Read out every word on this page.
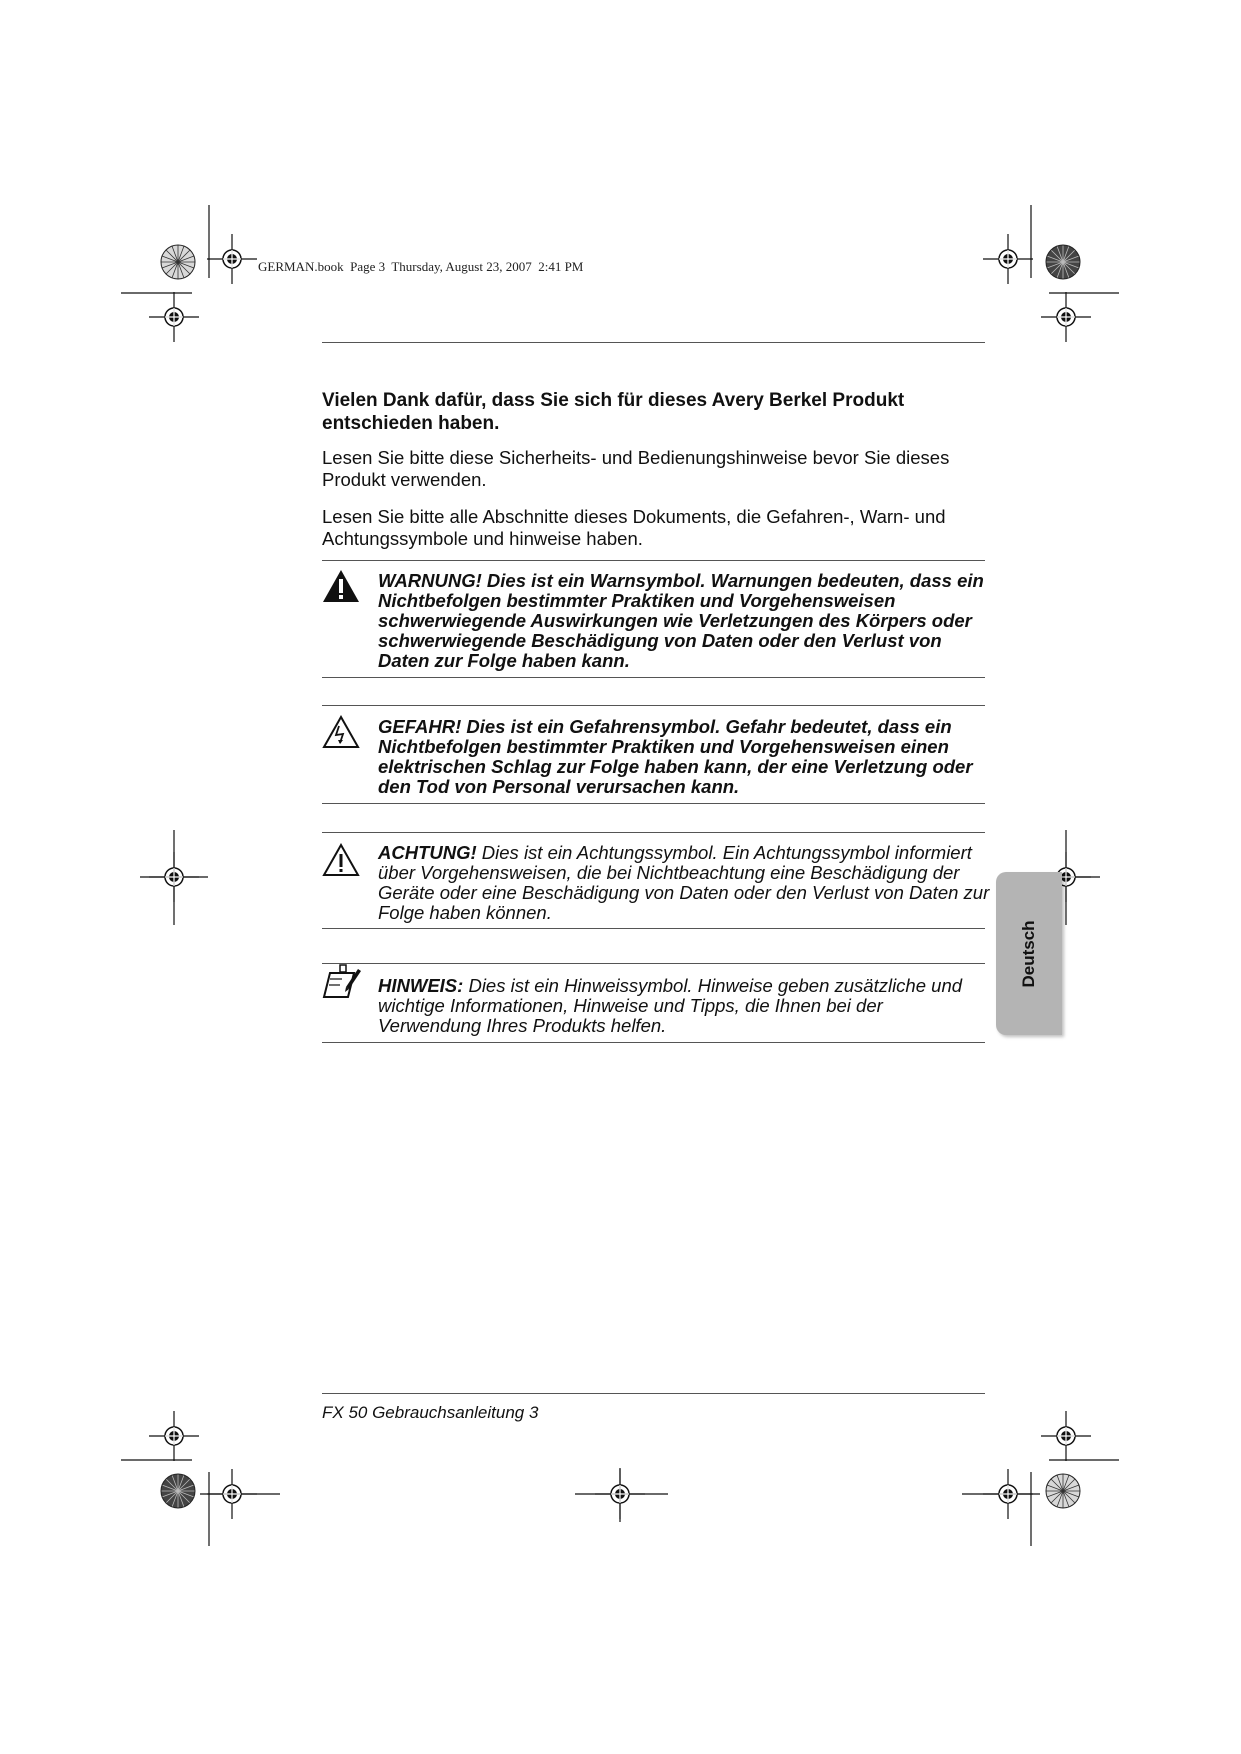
GERMAN.book  Page 3  Thursday, August 23, 2007  2:41 PM
Vielen Dank dafür, dass Sie sich für dieses Avery Berkel Produkt entschieden haben.
Lesen Sie bitte diese Sicherheits- und Bedienungshinweise bevor Sie dieses Produkt verwenden.
Lesen Sie bitte alle Abschnitte dieses Dokuments, die Gefahren-, Warn- und Achtungssymbole und hinweise haben.
WARNUNG! Dies ist ein Warnsymbol. Warnungen bedeuten, dass ein Nichtbefolgen bestimmter Praktiken und Vorgehensweisen schwerwiegende Auswirkungen wie Verletzungen des Körpers oder schwerwiegende Beschädigung von Daten oder den Verlust von Daten zur Folge haben kann.
GEFAHR! Dies ist ein Gefahrensymbol. Gefahr bedeutet, dass ein Nichtbefolgen bestimmter Praktiken und Vorgehensweisen einen elektrischen Schlag zur Folge haben kann, der eine Verletzung oder den Tod von Personal verursachen kann.
ACHTUNG! Dies ist ein Achtungssymbol. Ein Achtungssymbol informiert über Vorgehensweisen, die bei Nichtbeachtung eine Beschädigung der Geräte oder eine Beschädigung von Daten oder den Verlust von Daten zur Folge haben können.
HINWEIS: Dies ist ein Hinweissymbol. Hinweise geben zusätzliche und wichtige Informationen, Hinweise und Tipps, die Ihnen bei der Verwendung Ihres Produkts helfen.
Deutsch
FX 50 Gebrauchsanleitung 3
